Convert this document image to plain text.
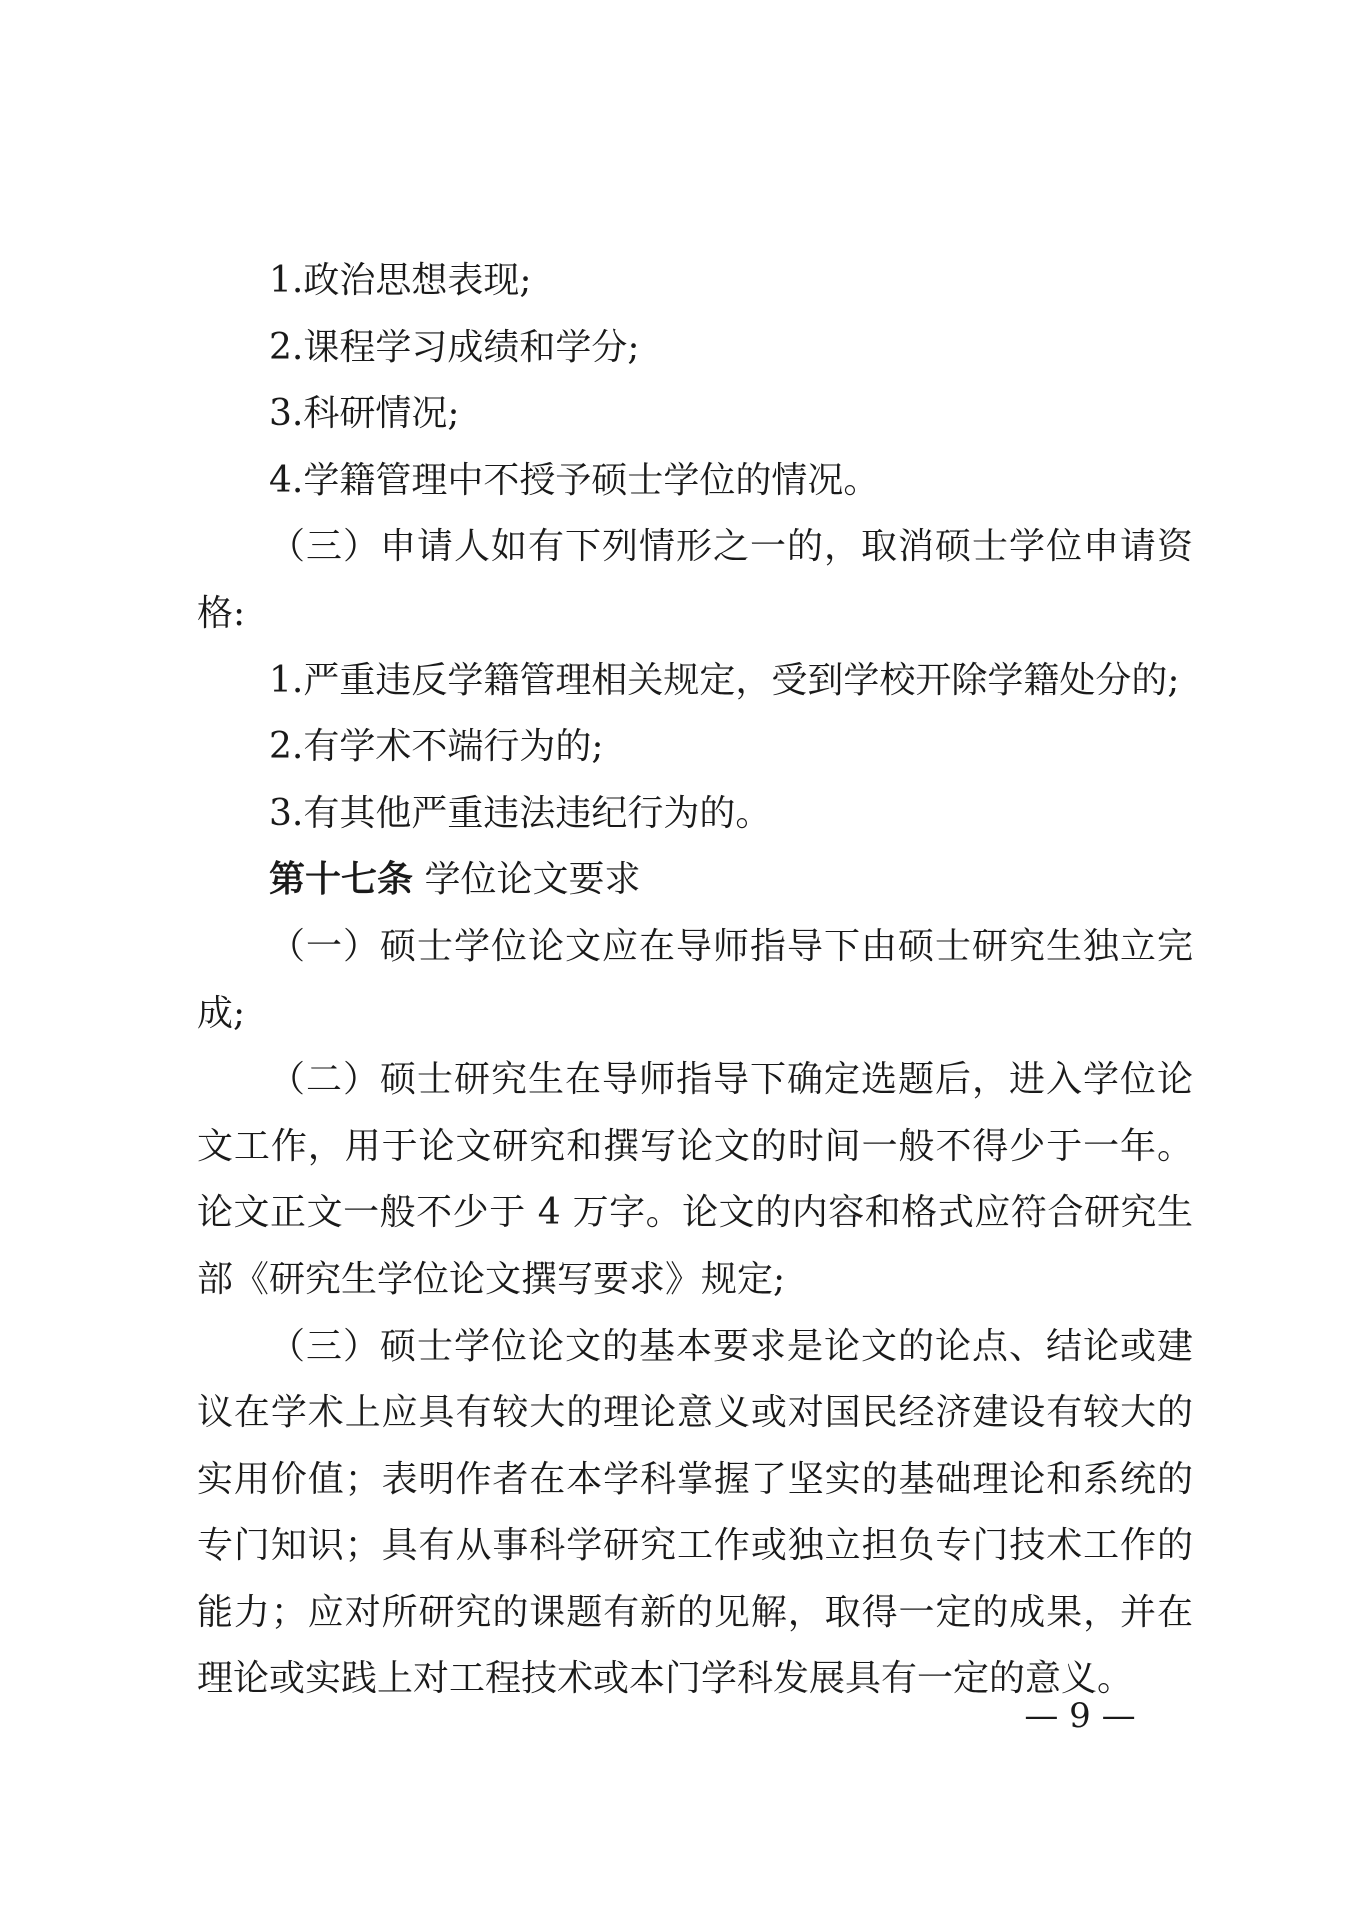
1.政治思想表现;

2.课程学习成绩和学分;

3.科研情况;

4.学籍管理中不授予硕士学位的情况。

（三）申请人如有下列情形之一的，取消硕士学位申请资格:

1.严重违反学籍管理相关规定，受到学校开除学籍处分的;

2.有学术不端行为的;

3.有其他严重违法违纪行为的。

第十七条 学位论文要求

（一）硕士学位论文应在导师指导下由硕士研究生独立完成;

（二）硕士研究生在导师指导下确定选题后，进入学位论文工作，用于论文研究和撰写论文的时间一般不得少于一年。论文正文一般不少于 4 万字。论文的内容和格式应符合研究生部《研究生学位论文撰写要求》规定;

（三）硕士学位论文的基本要求是论文的论点、结论或建议在学术上应具有较大的理论意义或对国民经济建设有较大的实用价值；表明作者在本学科掌握了坚实的基础理论和系统的专门知识；具有从事科学研究工作或独立担负专门技术工作的能力；应对所研究的课题有新的见解，取得一定的成果，并在理论或实践上对工程技术或本门学科发展具有一定的意义。

— 9 —
